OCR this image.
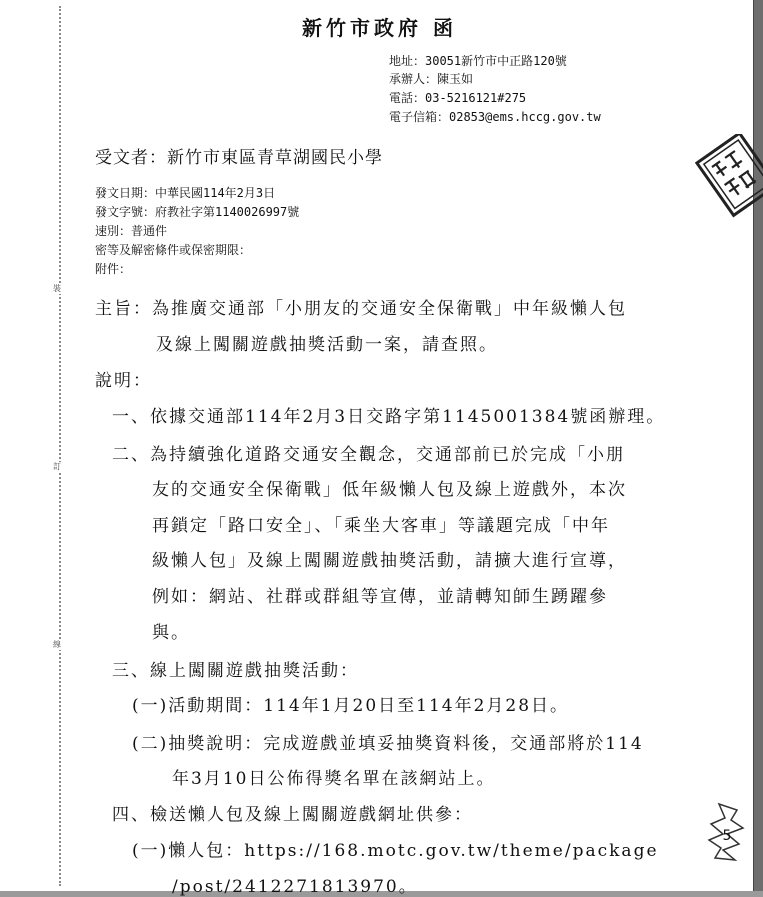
裝
訂
線
新竹市政府 函
地址：30051新竹市中正路120號
承辦人：陳玉如
電話：03-5216121#275
電子信箱：02853@ems.hccg.gov.tw
受文者：新竹市東區青草湖國民小學
發文日期：中華民國114年2月3日
發文字號：府教社字第1140026997號
速別：普通件
密等及解密條件或保密期限：
附件：
主旨：為推廣交通部「小朋友的交通安全保衛戰」中年級懶人包
及線上闖關遊戲抽獎活動一案，請查照。
說明：
一、依據交通部114年2月3日交路字第1145001384號函辦理。
二、為持續強化道路交通安全觀念，交通部前已於完成「小朋
友的交通安全保衛戰」低年級懶人包及線上遊戲外，本次
再鎖定「路口安全」、「乘坐大客車」等議題完成「中年
級懶人包」及線上闖關遊戲抽獎活動，請擴大進行宣導，
例如：網站、社群或群組等宣傳，並請轉知師生踴躍參
與。
三、線上闖關遊戲抽獎活動：
(一)活動期間：114年1月20日至114年2月28日。
(二)抽獎說明：完成遊戲並填妥抽獎資料後，交通部將於114
年3月10日公佈得獎名單在該網站上。
四、檢送懶人包及線上闖關遊戲網址供參：
(一)懶人包：https://168.motc.gov.tw/theme/package
/post/2412271813970。
5
